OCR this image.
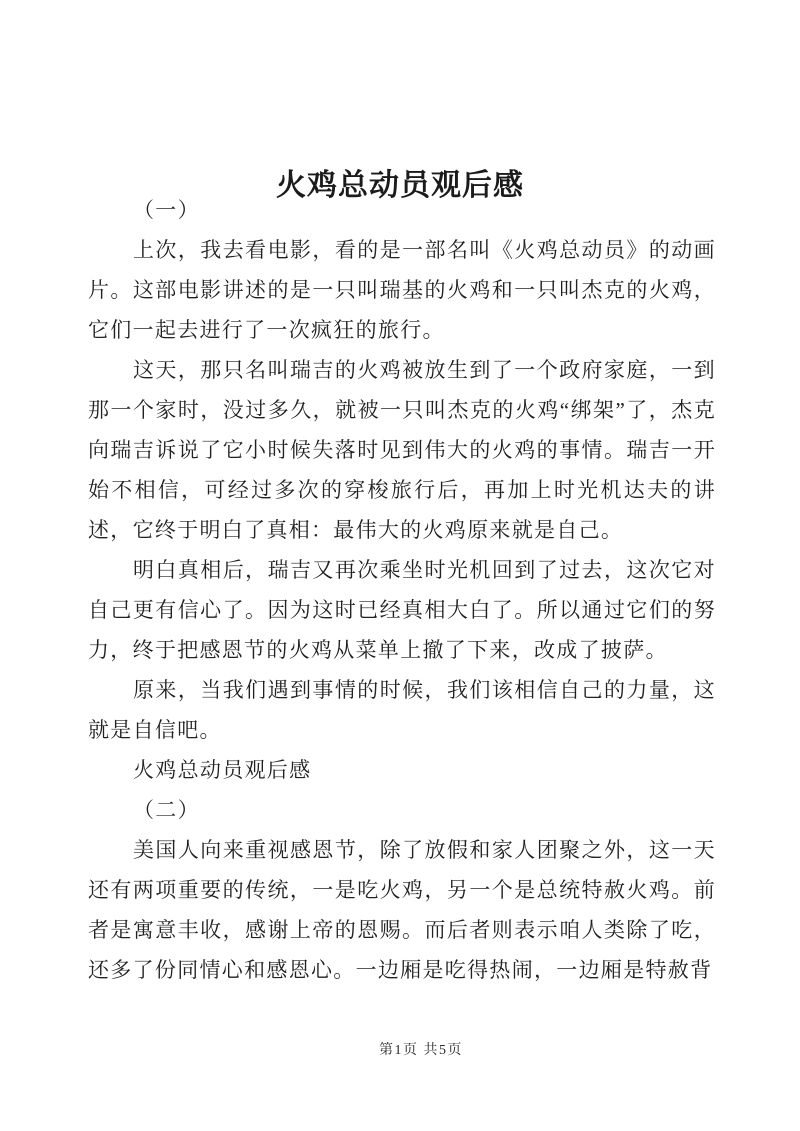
火鸡总动员观后感

（一）

上次，我去看电影，看的是一部名叫《火鸡总动员》的动画片。这部电影讲述的是一只叫瑞基的火鸡和一只叫杰克的火鸡，它们一起去进行了一次疯狂的旅行。

这天，那只名叫瑞吉的火鸡被放生到了一个政府家庭，一到那一个家时，没过多久，就被一只叫杰克的火鸡“绑架”了，杰克向瑞吉诉说了它小时候失落时见到伟大的火鸡的事情。瑞吉一开始不相信，可经过多次的穿梭旅行后，再加上时光机达夫的讲述，它终于明白了真相：最伟大的火鸡原来就是自己。

明白真相后，瑞吉又再次乘坐时光机回到了过去，这次它对自己更有信心了。因为这时已经真相大白了。所以通过它们的努力，终于把感恩节的火鸡从菜单上撤了下来，改成了披萨。

原来，当我们遇到事情的时候，我们该相信自己的力量，这就是自信吧。

火鸡总动员观后感

（二）

美国人向来重视感恩节，除了放假和家人团聚之外，这一天还有两项重要的传统，一是吃火鸡，另一个是总统特赦火鸡。前者是寓意丰收，感谢上帝的恩赐。而后者则表示咱人类除了吃，还多了份同情心和感恩心。一边厢是吃得热闹，一边厢是特赦背

第1页 共5页
